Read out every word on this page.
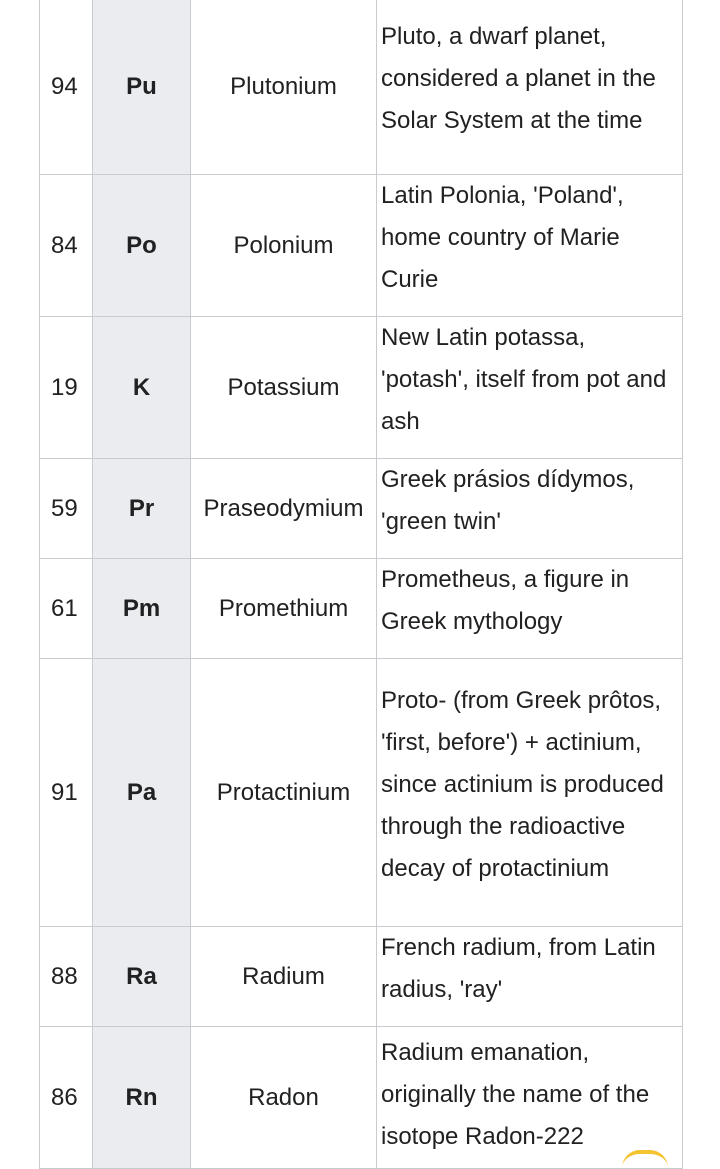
94	Pu	Plutonium	Pluto, a dwarf planet, considered a planet in the Solar System at the time

84	Po	Polonium	Latin Polonia, 'Poland', home country of Marie Curie

19	K	Potassium	New Latin potassa, 'potash', itself from pot and ash

59	Pr	Praseodymium	Greek prásios dídymos, 'green twin'

61	Pm	Promethium	Prometheus, a figure in Greek mythology

91	Pa	Protactinium	Proto- (from Greek prôtos, 'first, before') + actinium, since actinium is produced through the radioactive decay of protactinium

88	Ra	Radium	French radium, from Latin radius, 'ray'

86	Rn	Radon	Radium emanation, originally the name of the isotope Radon-222
